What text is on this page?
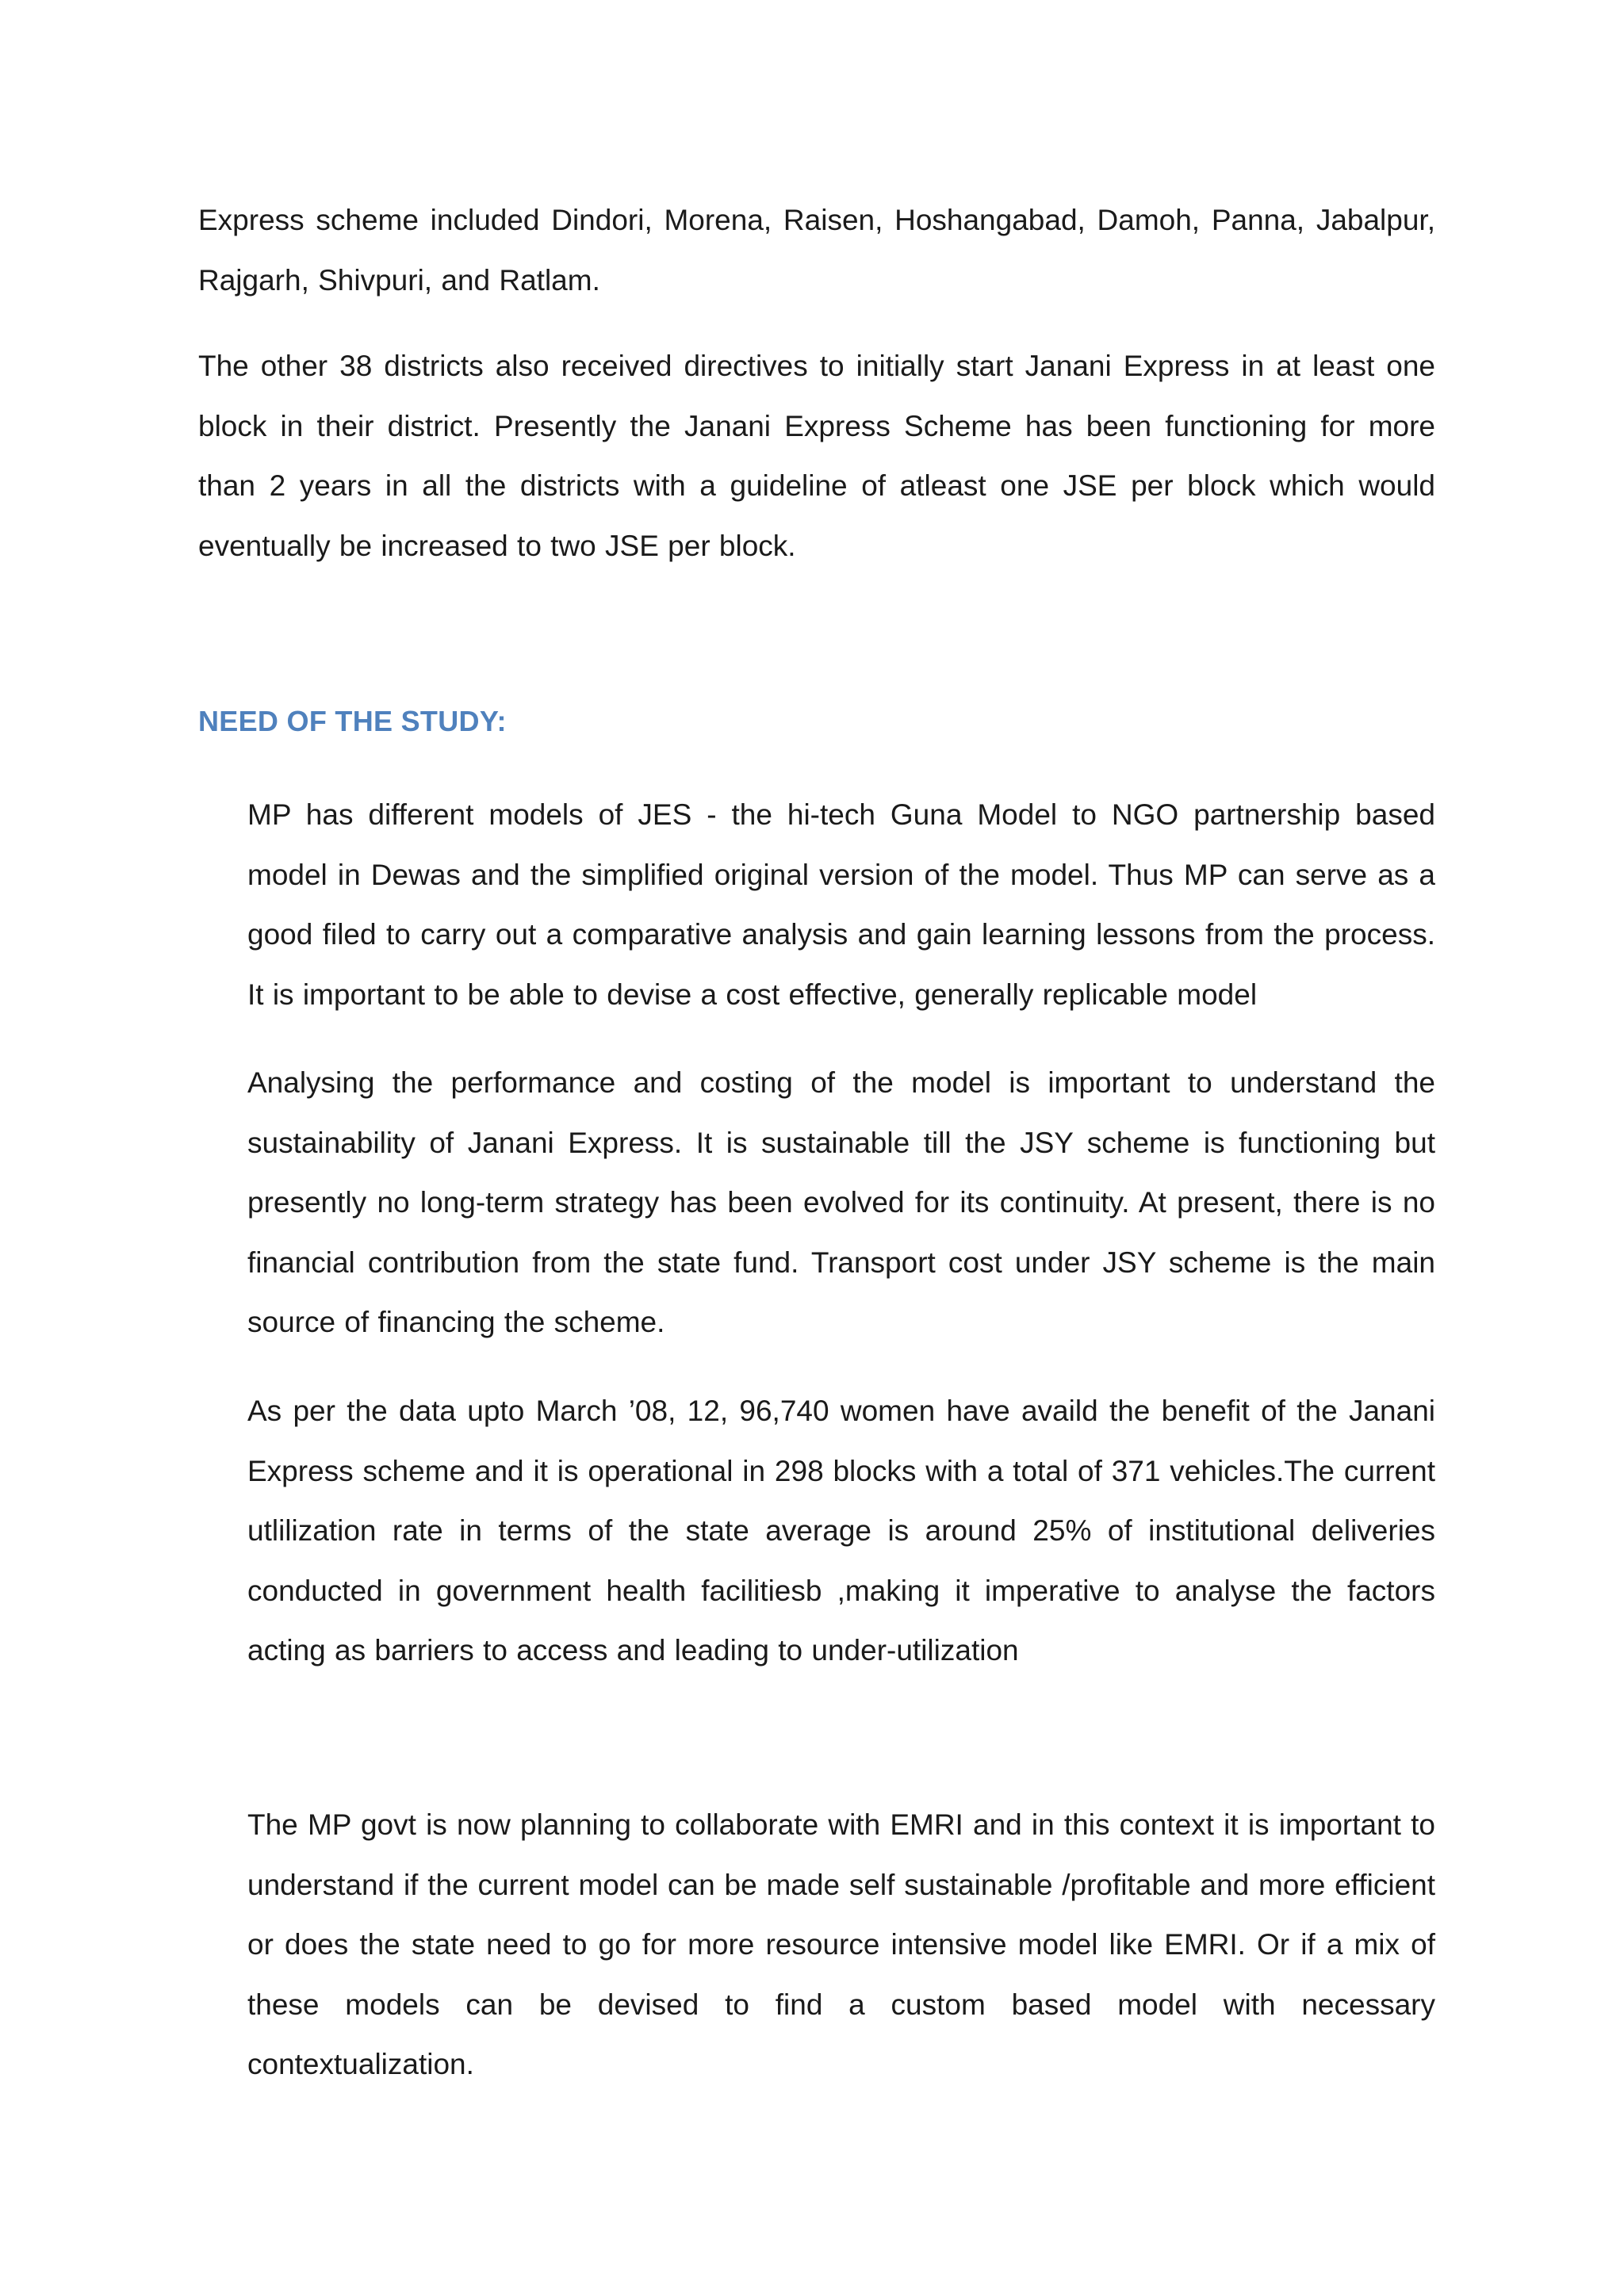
Express scheme included Dindori, Morena, Raisen, Hoshangabad, Damoh, Panna, Jabalpur, Rajgarh, Shivpuri, and Ratlam.

The other 38 districts also received directives to initially start Janani Express in at least one block in their district. Presently the Janani Express Scheme has been functioning for more than 2 years in all the districts with a guideline of atleast one JSE per block which would eventually be increased to two JSE per block.

NEED OF THE STUDY:

MP has different models of JES - the hi-tech Guna Model to NGO partnership based model in Dewas and the simplified original version of the model. Thus MP can serve as a good filed to carry out a comparative analysis and gain learning lessons from the process. It is important to be able to devise a cost effective, generally replicable model

Analysing the performance and costing of the model is important to understand the sustainability of Janani Express. It is sustainable till the JSY scheme is functioning but presently no long-term strategy has been evolved for its continuity. At present, there is no financial contribution from the state fund. Transport cost under JSY scheme is the main source of financing the scheme.

As per the data upto March ’08, 12, 96,740 women have availd the benefit of the Janani Express scheme and it is operational in 298 blocks with a total of 371 vehicles.The current utlilization rate in terms of the state average is around 25% of institutional deliveries conducted in government health facilitiesb ,making it imperative to analyse the factors acting as barriers to access and leading to under-utilization

The MP govt is now planning to collaborate with EMRI and in this context it is important to understand if the current model can be made self sustainable /profitable and more efficient or does the state need to go for more resource intensive model like EMRI. Or if a mix of these models can be devised to find a custom based model with necessary contextualization.
